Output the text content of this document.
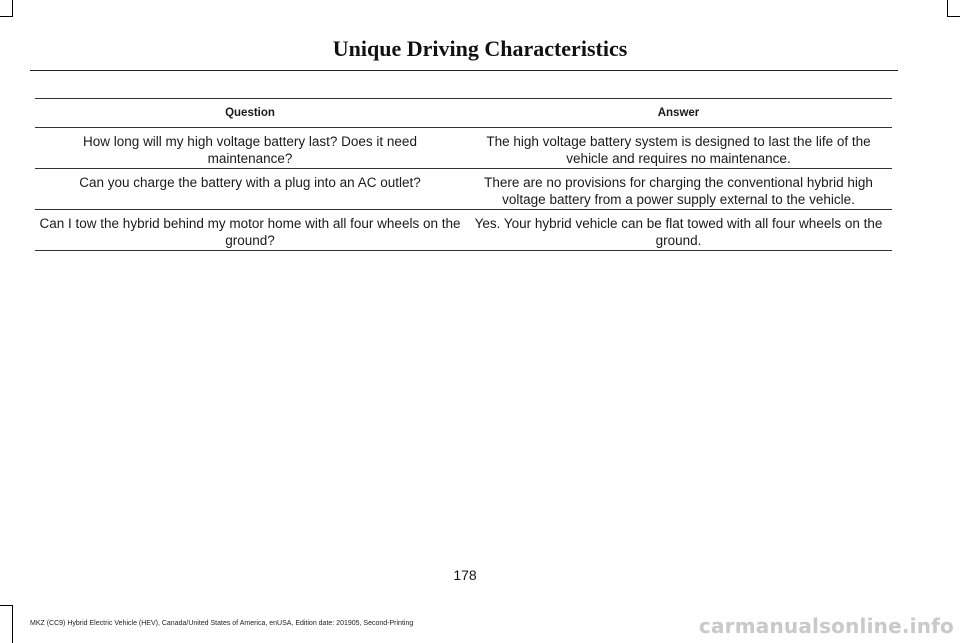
Unique Driving Characteristics
Question	Answer
How long will my high voltage battery last? Does it need maintenance?	The high voltage battery system is designed to last the life of the vehicle and requires no maintenance.
Can you charge the battery with a plug into an AC outlet?	There are no provisions for charging the conventional hybrid high voltage battery from a power supply external to the vehicle.
Can I tow the hybrid behind my motor home with all four wheels on the ground?	Yes. Your hybrid vehicle can be flat towed with all four wheels on the ground.
178
MKZ (CC9) Hybrid Electric Vehicle (HEV), Canada/United States of America, enUSA, Edition date: 201905, Second-Printing	carmanualsonline.info
